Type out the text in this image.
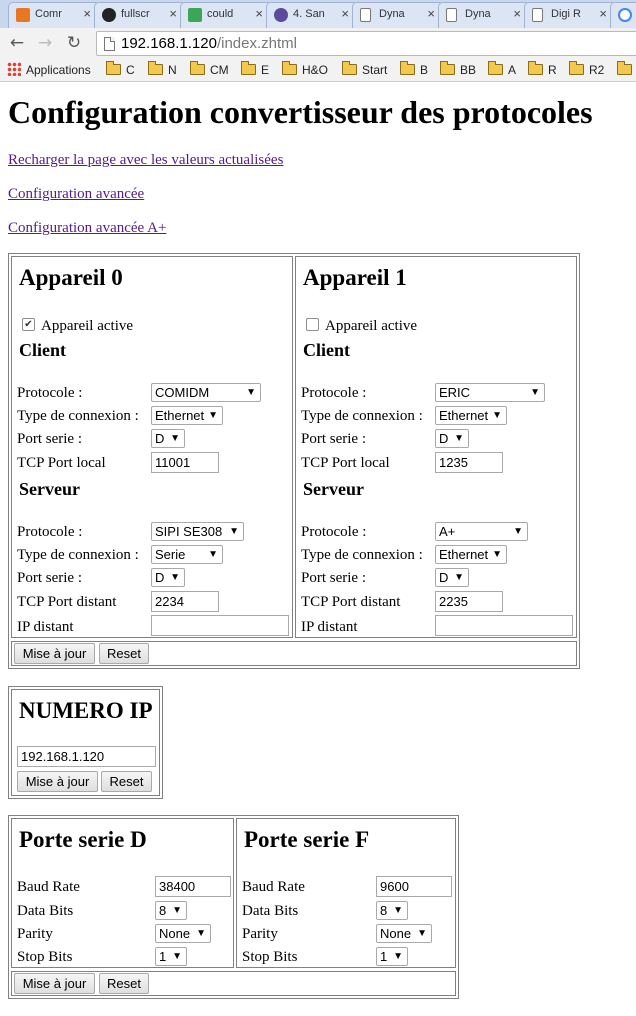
Comr	×	fullscr	×	could	×	4. San	×	Dyna	×	Dyna	×	Digi R	×
← → ↻	192.168.1.120/index.zhtml
Applications	C	N	CM	E	H&O	Start	B	BB	A	R	R2
Configuration convertisseur des protocoles
Recharger la page avec les valeurs actualisées
Configuration avancée
Configuration avancée A+
Appareil 0
✔ Appareil active
Client
Protocole :	COMIDM	▼
Type de connexion :	Ethernet ▼
Port serie :	D ▼
TCP Port local	11001
Serveur
Protocole :	SIPI SE308 ▼
Type de connexion :	Serie ▼
Port serie :	D ▼
TCP Port distant	2234
IP distant
Appareil 1
Appareil active
Client
Protocole :	ERIC	▼
Type de connexion :	Ethernet ▼
Port serie :	D ▼
TCP Port local	1235
Serveur
Protocole :	A+	▼
Type de connexion :	Ethernet ▼
Port serie :	D ▼
TCP Port distant	2235
IP distant
Mise à jour	Reset
NUMERO IP
192.168.1.120
Mise à jour	Reset
Porte serie D
Baud Rate	38400
Data Bits	8 ▼
Parity	None ▼
Stop Bits	1 ▼
Porte serie F
Baud Rate	9600
Data Bits	8 ▼
Parity	None ▼
Stop Bits	1 ▼
Mise à jour	Reset
